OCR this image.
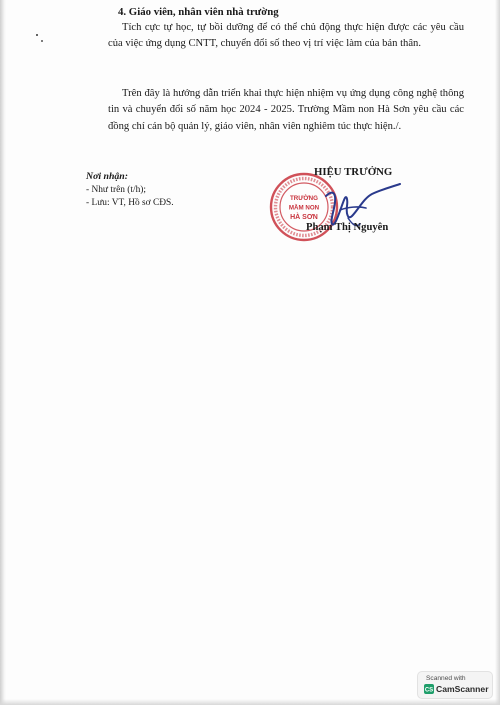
4. Giáo viên, nhân viên nhà trường
Tích cực tự học, tự bồi dưỡng để có thể chủ động thực hiện được các yêu cầu của việc ứng dụng CNTT, chuyển đổi số theo vị trí việc làm của bản thân.
Trên đây là hướng dẫn triển khai thực hiện nhiệm vụ ứng dụng công nghệ thông tin và chuyển đổi số năm học 2024 - 2025. Trường Mầm non Hà Sơn yêu cầu các đồng chí cán bộ quản lý, giáo viên, nhân viên nghiêm túc thực hiện./.
Nơi nhận:
- Như trên (t/h);
- Lưu: VT, Hồ sơ CĐS.	TRƯỜNG
MẦM NON
HÀ SƠN
HIỆU TRƯỞNG
Phạm Thị Nguyên
Scanned with
CS CamScanner
